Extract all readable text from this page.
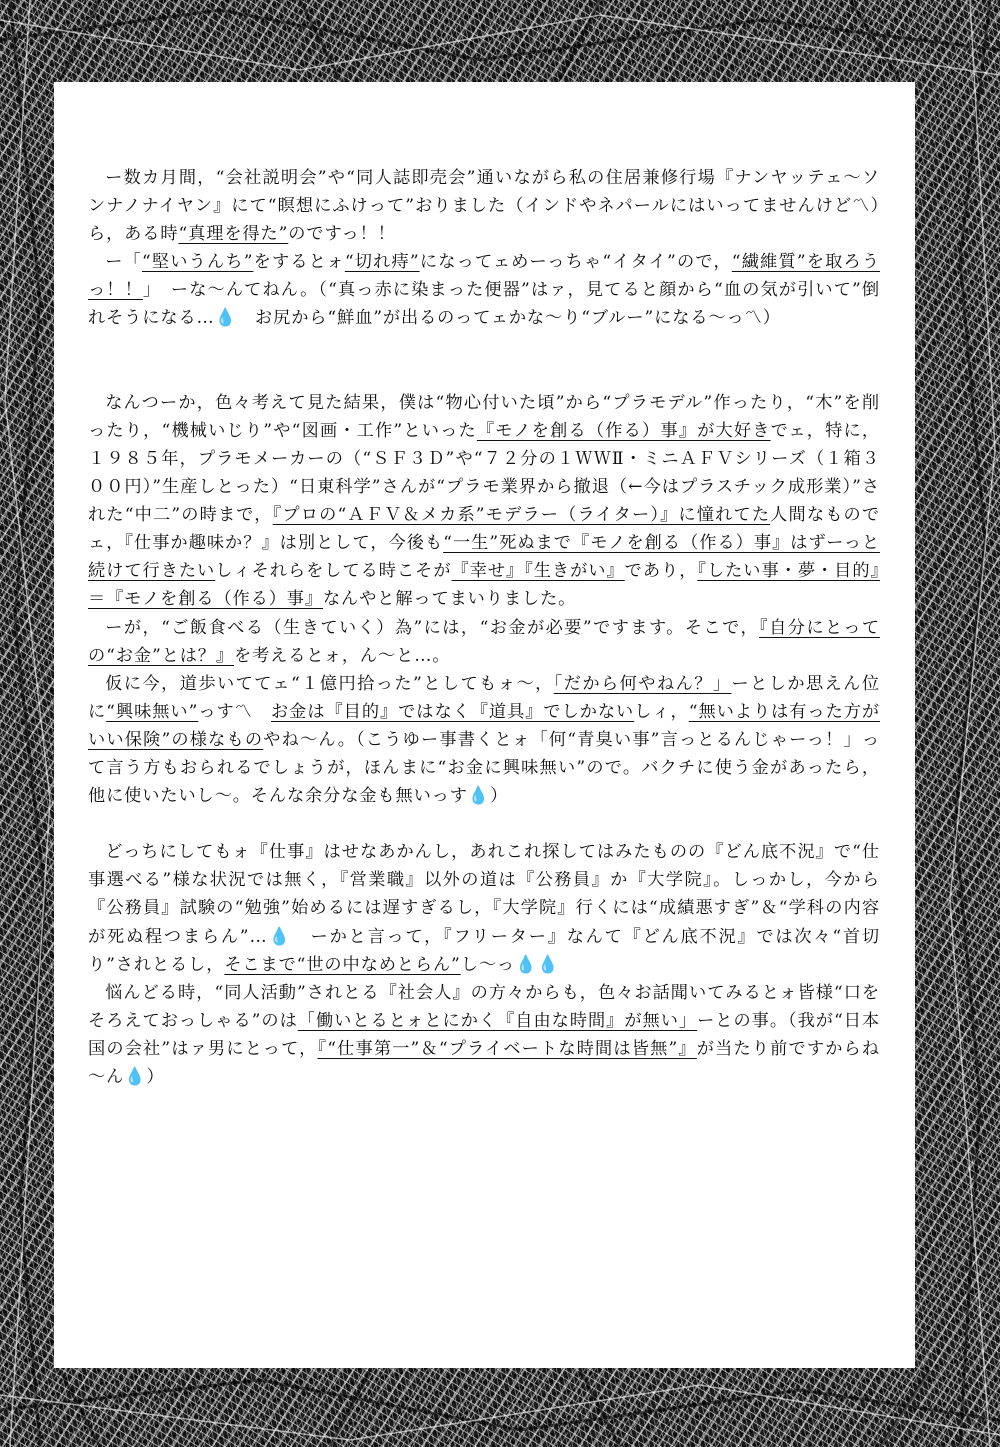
ー数カ月間，“会社説明会”や“同人誌即売会”通いながら私の住居兼修行場『ナンヤッテェ～ソンナノナイヤン』にて“瞑想にふけって”おりました（インドやネパールにはいってませんけど〽）ら，ある時“真理を得た”のですっ！！

ー「“堅いうんち”をするとォ“切れ痔”になってェめーっちゃ“イタイ”ので，“繊維質”を取ろうっ！！」　ーな～んてねん。（“真っ赤に染まった便器”はァ，見てると顔から“血の気が引いて”倒れそうになる…💧　お尻から“鮮血”が出るのってェかな～り“ブルー”になる～っ〽）

なんつーか，色々考えて見た結果，僕は“物心付いた頃”から“プラモデル”作ったり，“木”を削ったり，“機械いじり”や“図画・工作”といった『モノを創る（作る）事』が大好きでェ，特に，１９８５年，プラモメーカーの（“ＳＦ３Ｄ”や“７２分の１ＷＷⅡ・ミニＡＦＶシリーズ（１箱３００円）”生産しとった）“日東科学”さんが“プラモ業界から撤退（←今はプラスチック成形業）”された“中二”の時まで，『プロの“ＡＦＶ＆メカ系”モデラー（ライター）』に憧れてた人間なものでェ，『仕事か趣味か？』は別として，今後も“一生”死ぬまで『モノを創る（作る）事』はずーっと続けて行きたいしィそれらをしてる時こそが『幸せ』『生きがい』であり，『したい事・夢・目的』＝『モノを創る（作る）事』なんやと解ってまいりました。

ーが，“ご飯食べる（生きていく）為”には，“お金が必要”ですます。そこで，『自分にとっての“お金”とは？』を考えるとォ，ん～と…。

仮に今，道歩いててェ“１億円拾った”としてもォ～，「だから何やねん？」ーとしか思えん位に“興味無い”っす〽　 お金は『目的』ではなく『道具』でしかないしィ，“無いよりは有った方がいい保険”の様なものやね～ん。（こうゆー事書くとォ「何“青臭い事”言っとるんじゃーっ！」って言う方もおられるでしょうが，ほんまに“お金に興味無い”ので。バクチに使う金があったら，他に使いたいし～。そんな余分な金も無いっす💧）

どっちにしてもォ『仕事』はせなあかんし，あれこれ探してはみたものの『どん底不況』で“仕事選べる”様な状況では無く，『営業職』以外の道は『公務員』か『大学院』。しっかし，今から『公務員』試験の“勉強”始めるには遅すぎるし，『大学院』行くには“成績悪すぎ”＆“学科の内容が死ぬ程つまらん”…💧　ーかと言って，『フリーター』なんて『どん底不況』では次々“首切り”されとるし，そこまで“世の中なめとらん”し～っ💧💧

悩んどる時，“同人活動”されとる『社会人』の方々からも，色々お話聞いてみるとォ皆様“口をそろえておっしゃる”のは「働いとるとォとにかく『自由な時間』が無い」ーとの事。（我が“日本国の会社”はァ男にとって，『“仕事第一”＆“プライベートな時間は皆無”』が当たり前ですからね～ん💧）
